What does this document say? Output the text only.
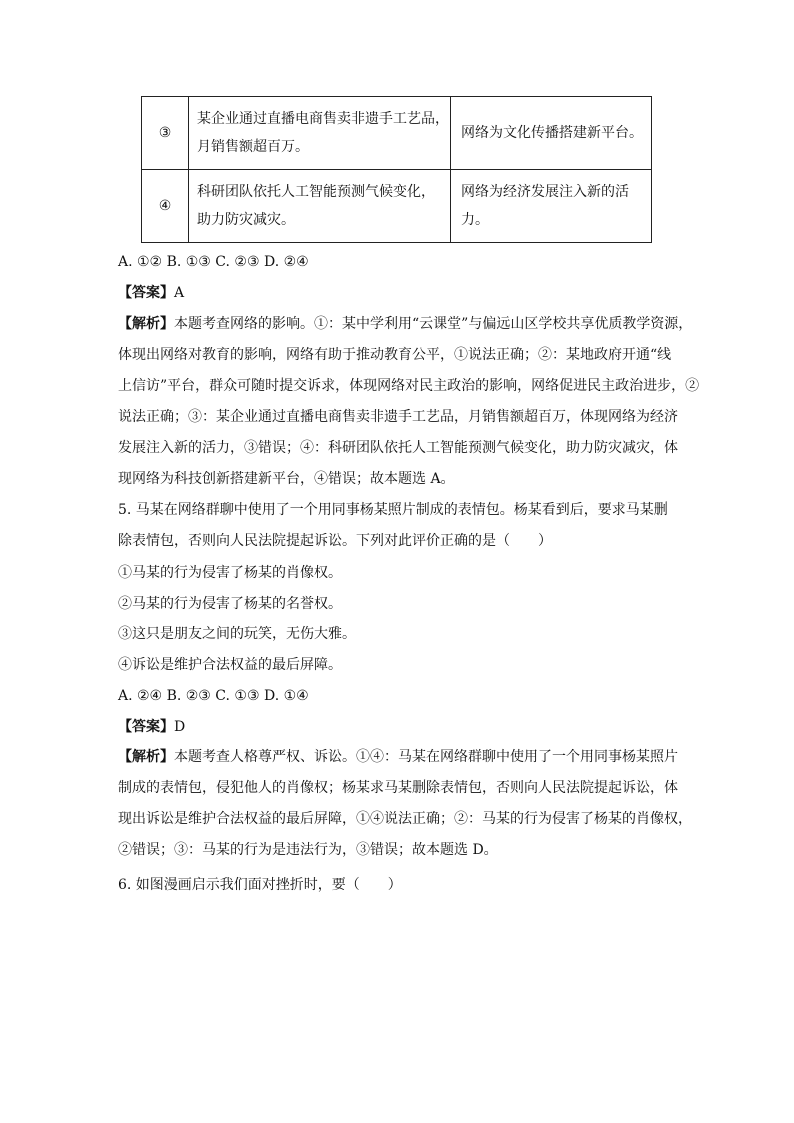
③	某企业通过直播电商售卖非遗手工艺品，
月销售额超百万。	网络为文化传播搭建新平台。
④	科研团队依托人工智能预测气候变化，
助力防灾减灾。	网络为经济发展注入新的活力。
A. ①② B. ①③ C. ②③ D. ②④
【答案】A
【解析】本题考查网络的影响。①：某中学利用“云课堂”与偏远山区学校共享优质教学资源，
体现出网络对教育的影响，网络有助于推动教育公平，①说法正确；②：某地政府开通“线
上信访”平台，群众可随时提交诉求，体现网络对民主政治的影响，网络促进民主政治进步，②
说法正确；③：某企业通过直播电商售卖非遗手工艺品，月销售额超百万，体现网络为经济
发展注入新的活力，③错误；④：科研团队依托人工智能预测气候变化，助力防灾减灾，体
现网络为科技创新搭建新平台，④错误；故本题选 A。
5. 马某在网络群聊中使用了一个用同事杨某照片制成的表情包。杨某看到后，要求马某删
除表情包，否则向人民法院提起诉讼。下列对此评价正确的是（　　）
①马某的行为侵害了杨某的肖像权。
②马某的行为侵害了杨某的名誉权。
③这只是朋友之间的玩笑，无伤大雅。
④诉讼是维护合法权益的最后屏障。
A. ②④ B. ②③ C. ①③ D. ①④
【答案】D
【解析】本题考查人格尊严权、诉讼。①④：马某在网络群聊中使用了一个用同事杨某照片
制成的表情包，侵犯他人的肖像权；杨某求马某删除表情包，否则向人民法院提起诉讼，体
现出诉讼是维护合法权益的最后屏障，①④说法正确；②：马某的行为侵害了杨某的肖像权，
②错误；③：马某的行为是违法行为，③错误；故本题选 D。
6. 如图漫画启示我们面对挫折时，要（　　）
